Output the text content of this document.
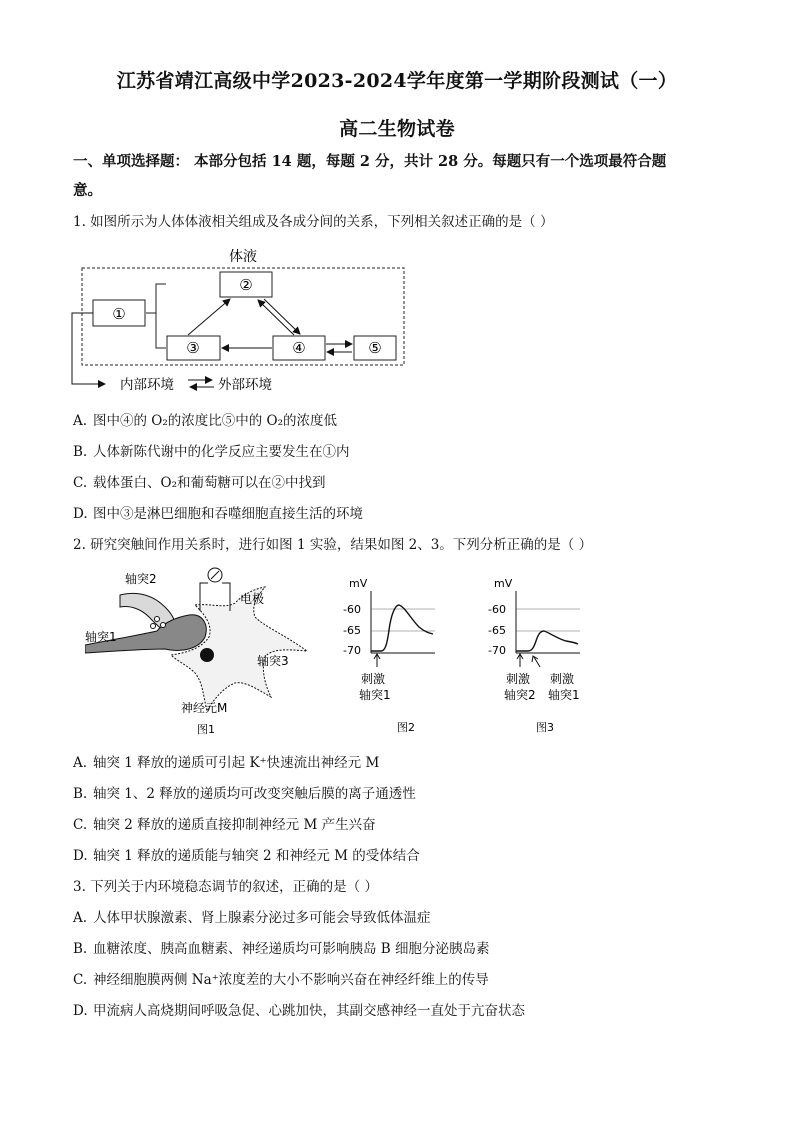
江苏省靖江高级中学2023-2024学年度第一学期阶段测试（一）
高二生物试卷
一、单项选择题： 本部分包括 14 题，每题 2 分，共计 28 分。每题只有一个选项最符合题
意。
1. 如图所示为人体体液相关组成及各成分间的关系，下列相关叙述正确的是（ ）
体液
①
②
③	④	⑤
内部环境	外部环境
A. 图中④的 O₂的浓度比⑤中的 O₂的浓度低
B. 人体新陈代谢中的化学反应主要发生在①内
C. 载体蛋白、O₂和葡萄糖可以在②中找到
D. 图中③是淋巴细胞和吞噬细胞直接生活的环境
2. 研究突触间作用关系时，进行如图 1 实验，结果如图 2、3。下列分析正确的是（ ）
轴突2
轴突1
电极
轴突3
神经元M
图1
mV
-60
-65
-70
刺激
轴突1
图2
mV
-60
-65
-70
刺激
轴突2
刺激
轴突1
图3
A. 轴突 1 释放的递质可引起 K⁺快速流出神经元 M
B. 轴突 1、2 释放的递质均可改变突触后膜的离子通透性
C. 轴突 2 释放的递质直接抑制神经元 M 产生兴奋
D. 轴突 1 释放的递质能与轴突 2 和神经元 M 的受体结合
3. 下列关于内环境稳态调节的叙述，正确的是（ ）
A. 人体甲状腺激素、肾上腺素分泌过多可能会导致低体温症
B. 血糖浓度、胰高血糖素、神经递质均可影响胰岛 B 细胞分泌胰岛素
C. 神经细胞膜两侧 Na⁺浓度差的大小不影响兴奋在神经纤维上的传导
D. 甲流病人高烧期间呼吸急促、心跳加快，其副交感神经一直处于亢奋状态
